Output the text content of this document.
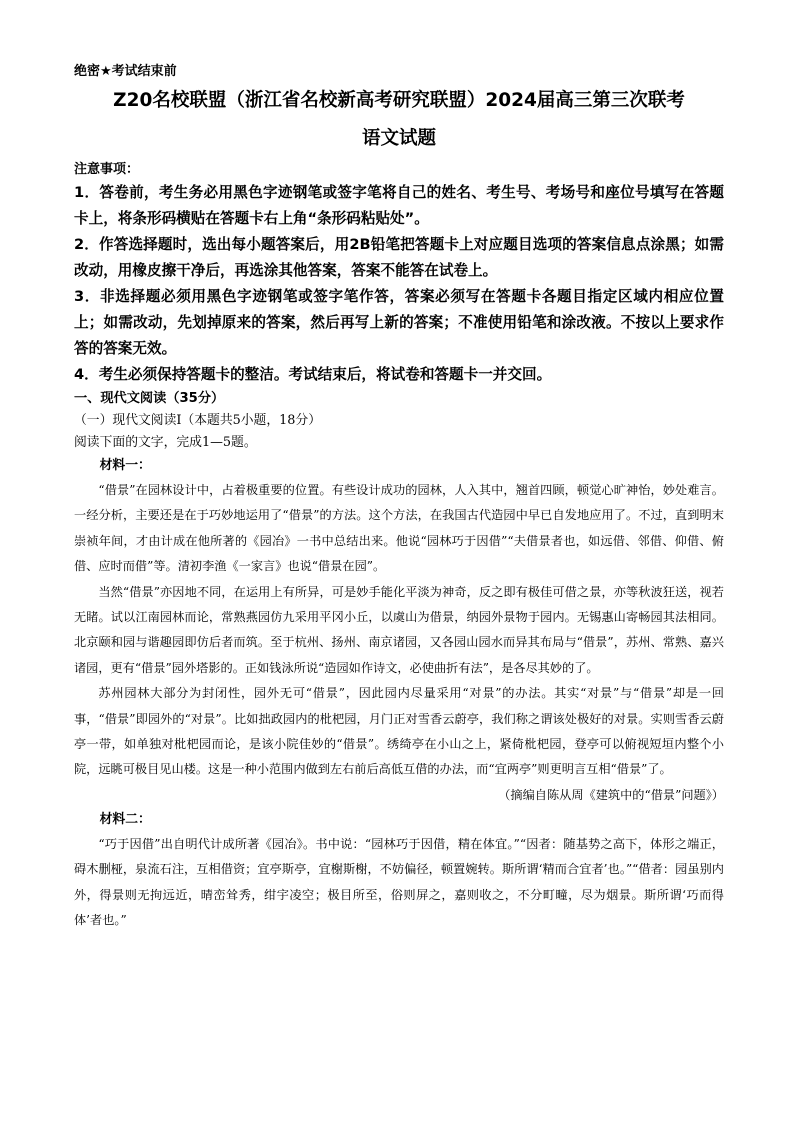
绝密★考试结束前

Z20名校联盟（浙江省名校新高考研究联盟）2024届高三第三次联考
语文试题

注意事项：

1．答卷前，考生务必用黑色字迹钢笔或签字笔将自己的姓名、考生号、考场号和座位号填写在答题卡上，将条形码横贴在答题卡右上角“条形码粘贴处”。

2．作答选择题时，选出每小题答案后，用2B铅笔把答题卡上对应题目选项的答案信息点涂黑；如需改动，用橡皮擦干净后，再选涂其他答案，答案不能答在试卷上。

3．非选择题必须用黑色字迹钢笔或签字笔作答，答案必须写在答题卡各题目指定区域内相应位置上；如需改动，先划掉原来的答案，然后再写上新的答案；不准使用铅笔和涂改液。不按以上要求作答的答案无效。

4．考生必须保持答题卡的整洁。考试结束后，将试卷和答题卡一并交回。

一、现代文阅读（35分）

（一）现代文阅读Ⅰ（本题共5小题，18分）

阅读下面的文字，完成1—5题。

材料一：

“借景”在园林设计中，占着极重要的位置。有些设计成功的园林，人入其中，翘首四顾，顿觉心旷神怡，妙处难言。一经分析，主要还是在于巧妙地运用了“借景”的方法。这个方法，在我国古代造园中早已自发地应用了。不过，直到明末崇祯年间，才由计成在他所著的《园冶》一书中总结出来。他说“园林巧于因借”“夫借景者也，如远借、邻借、仰借、俯借、应时而借”等。清初李渔《一家言》也说“借景在园”。

当然“借景”亦因地不同，在运用上有所异，可是妙手能化平淡为神奇，反之即有极佳可借之景，亦等秋波狂送，视若无睹。试以江南园林而论，常熟燕园仿九采用平冈小丘，以虞山为借景，纳园外景物于园内。无锡惠山寄畅园其法相同。北京颐和园与谐趣园即仿后者而筑。至于杭州、扬州、南京诸园，又各园山园水而异其布局与“借景”，苏州、常熟、嘉兴诸园，更有“借景”园外塔影的。正如钱泳所说“造园如作诗文，必使曲折有法”，是各尽其妙的了。

苏州园林大部分为封闭性，园外无可“借景”，因此园内尽量采用“对景”的办法。其实“对景”与“借景”却是一回事，“借景”即园外的“对景”。比如拙政园内的枇杷园，月门正对雪香云蔚亭，我们称之谓该处极好的对景。实则雪香云蔚亭一带，如单独对枇杷园而论，是该小院佳妙的“借景”。绣绮亭在小山之上，紧倚枇杷园，登亭可以俯视短垣内整个小院，远眺可极目见山楼。这是一种小范围内做到左右前后高低互借的办法，而“宜两亭”则更明言互相“借景”了。

（摘编自陈从周《建筑中的“借景”问题》）

材料二：

“巧于因借”出自明代计成所著《园冶》。书中说：“园林巧于因借，精在体宜。”“因者：随基势之高下，体形之端正，碍木删桠，泉流石注，互相借资；宜亭斯亭，宜榭斯榭，不妨偏径，顿置婉转。斯所谓‘精而合宜者’也。”“借者：园虽别内外，得景则无拘远近，晴峦耸秀，绀宇凌空；极目所至，俗则屏之，嘉则收之，不分町疃，尽为烟景。斯所谓‘巧而得体’者也。”
